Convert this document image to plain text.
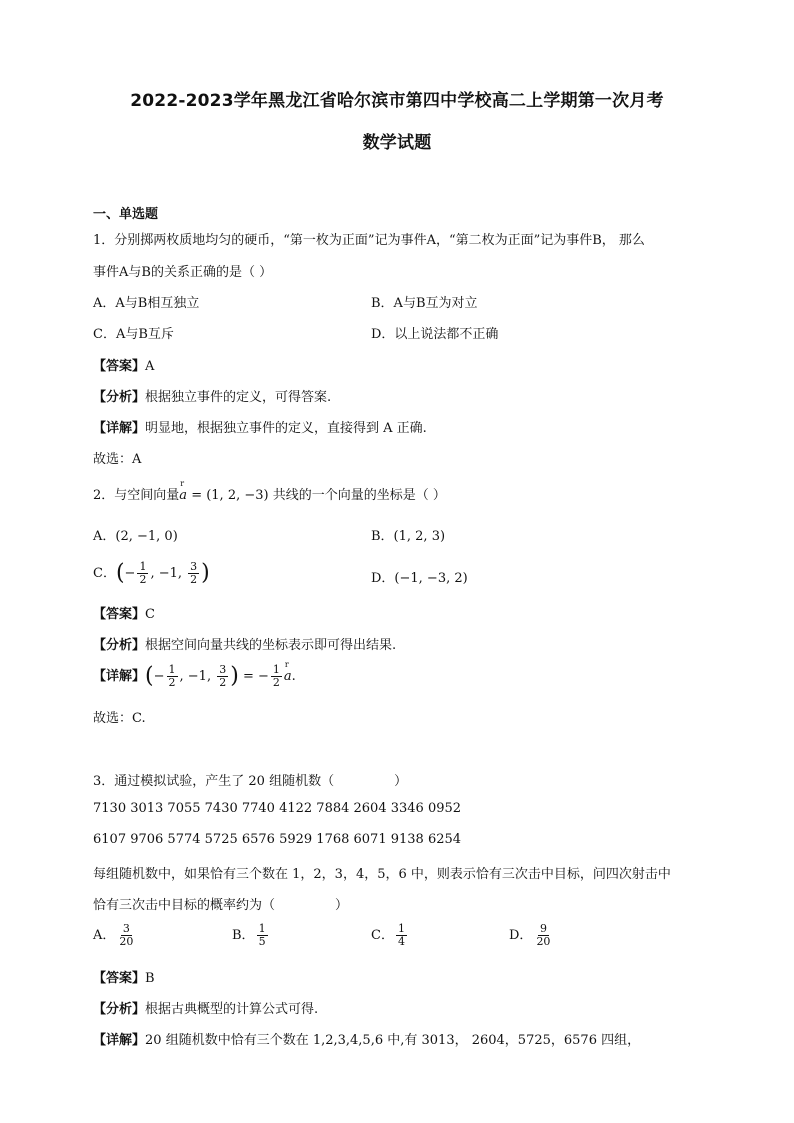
2022-2023学年黑龙江省哈尔滨市第四中学校高二上学期第一次月考
数学试题
一、单选题
1．分别掷两枚质地均匀的硬币，“第一枚为正面”记为事件A，“第二枚为正面”记为事件B， 那么
事件A与B的关系正确的是（ ）
A．A与B相互独立	B．A与B互为对立
C．A与B互斥	D．以上说法都不正确
【答案】A
【分析】根据独立事件的定义，可得答案.
【详解】明显地，根据独立事件的定义，直接得到 A 正确.
故选：A
2．与空间向量
r
a = (1, 2, −3) 共线的一个向量的坐标是（ ）
A．(2, −1, 0)	B．(1, 2, 3)
C．(− $\frac{1}{2}$ , −1, $\frac{3}{2}$ )	D．(−1, −3, 2)
【答案】C
【分析】根据空间向量共线的坐标表示即可得出结果.
【详解】(− $\frac{1}{2}$ , −1, $\frac{3}{2}$ ) = − $\frac{1}{2}$ r
a.
故选：C.
3．通过模拟试验，产生了 20 组随机数（	）
7130 3013 7055 7430 7740 4122 7884 2604 3346 0952
6107 9706 5774 5725 6576 5929 1768 6071 9138 6254
每组随机数中，如果恰有三个数在 1，2，3，4，5，6 中，则表示恰有三次击中目标，问四次射击中
恰有三次击中目标的概率约为（	）
A． $\frac{3}{20}$	B． $\frac{1}{5}$	C． $\frac{1}{4}$	D． $\frac{9}{20}$
【答案】B
【分析】根据古典概型的计算公式可得.
【详解】20 组随机数中恰有三个数在 1,2,3,4,5,6 中,有 3013， 2604，5725，6576 四组，
